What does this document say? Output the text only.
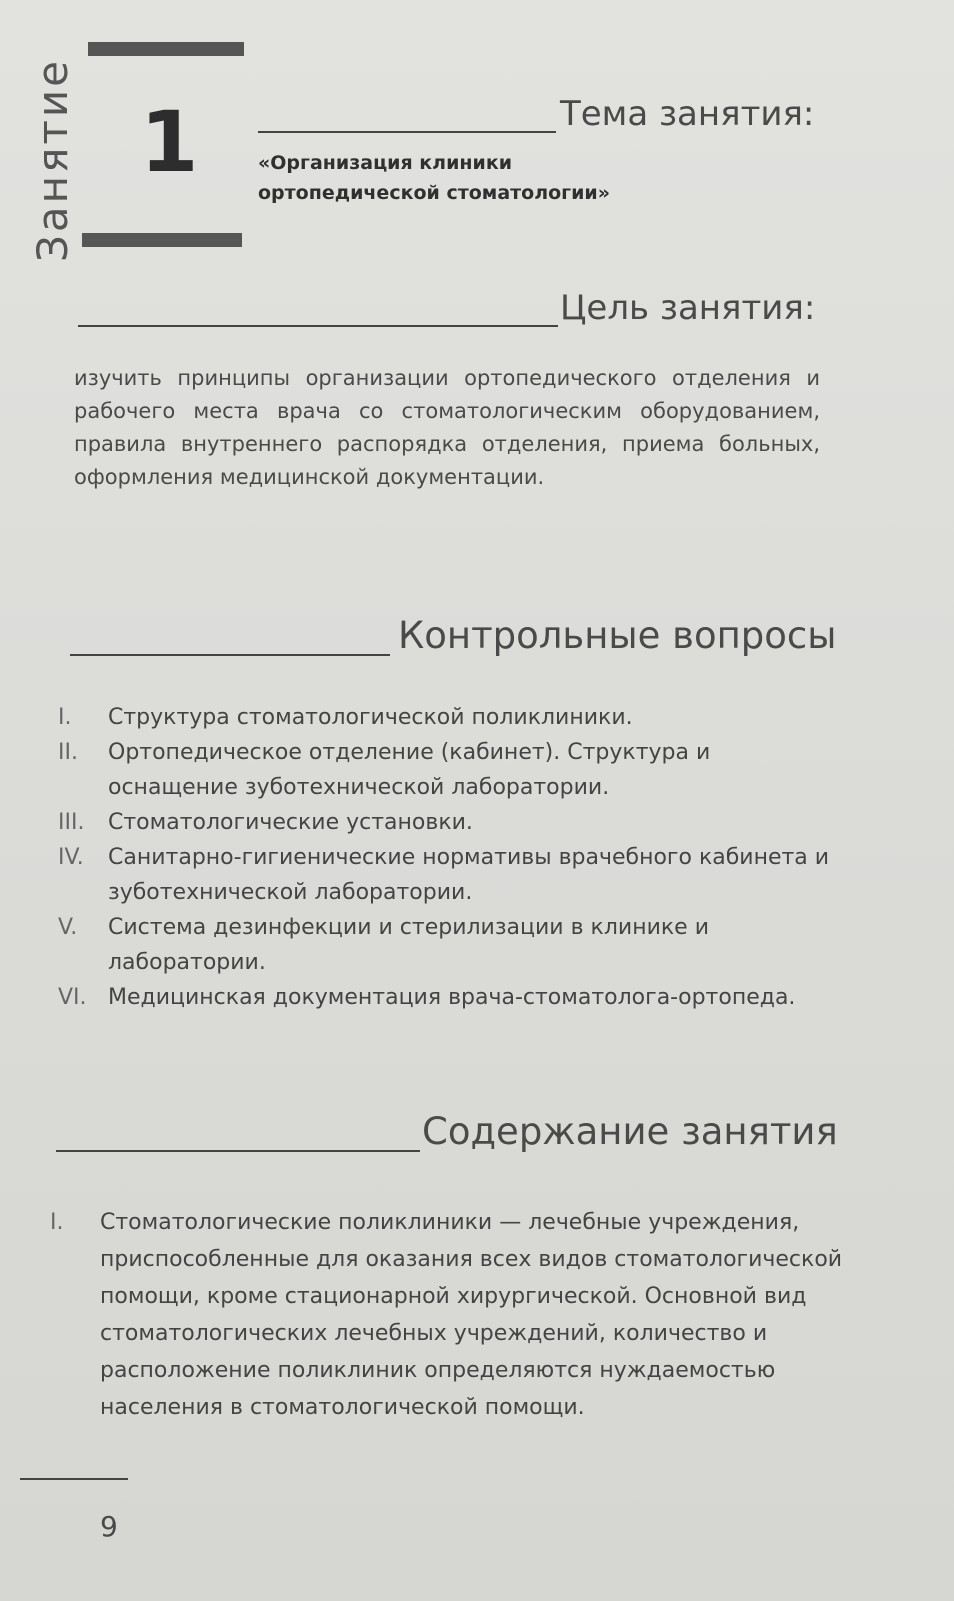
Занятие 1	Тема занятия:
«Организация клиники
ортопедической стоматологии»
Цель занятия:
изучить принципы организации ортопедического отделения и рабочего места врача со стоматологическим оборудованием, правила внутреннего распорядка отделения, приема больных, оформления медицинской документации.
Контрольные вопросы
I.	Структура стоматологической поликлиники.
II.	Ортопедическое отделение (кабинет). Структура и оснащение зуботехнической лаборатории.
III.	Стоматологические установки.
IV.	Санитарно-гигиенические нормативы врачебного кабинета и зуботехнической лаборатории.
V.	Система дезинфекции и стерилизации в клинике и лаборатории.
VI. Медицинская документация врача-стоматолога-ортопеда.
Содержание занятия
I.	Стоматологические поликлиники — лечебные учреждения, приспособленные для оказания всех видов стоматологической помощи, кроме стационарной хирургической. Основной вид стоматологических лечебных учреждений, количество и расположение поликлиник определяются нуждаемостью населения в стоматологической помощи.
9
